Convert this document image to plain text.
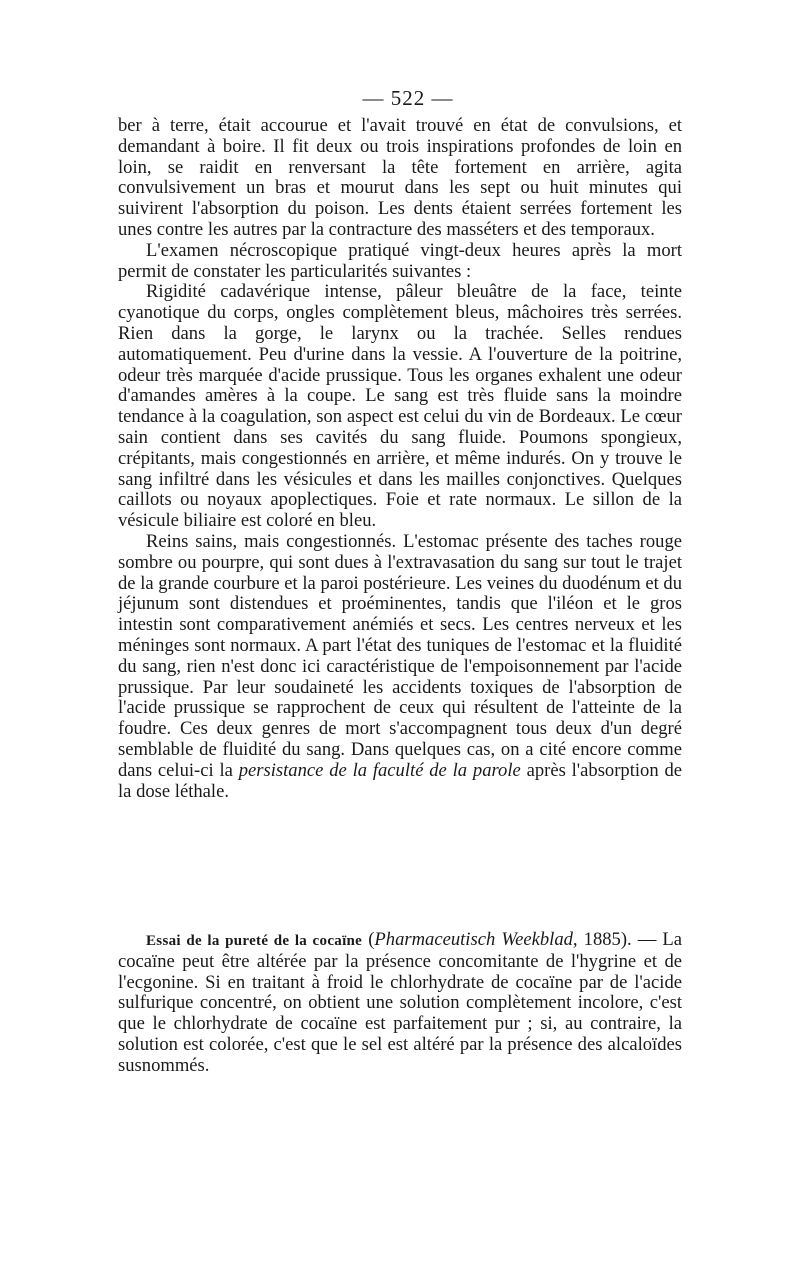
— 522 —

ber à terre, était accourue et l'avait trouvé en état de convulsions, et demandant à boire. Il fit deux ou trois inspirations profondes de loin en loin, se raidit en renversant la tête fortement en arrière, agita convulsivement un bras et mourut dans les sept ou huit minutes qui suivirent l'absorption du poison. Les dents étaient serrées fortement les unes contre les autres par la contracture des masséters et des temporaux.

L'examen nécroscopique pratiqué vingt-deux heures après la mort permit de constater les particularités suivantes :

Rigidité cadavérique intense, pâleur bleuâtre de la face, teinte cyanotique du corps, ongles complètement bleus, mâchoires très serrées. Rien dans la gorge, le larynx ou la trachée. Selles rendues automatiquement. Peu d'urine dans la vessie. A l'ouverture de la poitrine, odeur très marquée d'acide prussique. Tous les organes exhalent une odeur d'amandes amères à la coupe. Le sang est très fluide sans la moindre tendance à la coagulation, son aspect est celui du vin de Bordeaux. Le cœur sain contient dans ses cavités du sang fluide. Poumons spongieux, crépitants, mais congestionnés en arrière, et même indurés. On y trouve le sang infiltré dans les vésicules et dans les mailles conjonctives. Quelques caillots ou noyaux apoplectiques. Foie et rate normaux. Le sillon de la vésicule biliaire est coloré en bleu.

Reins sains, mais congestionnés. L'estomac présente des taches rouge sombre ou pourpre, qui sont dues à l'extravasation du sang sur tout le trajet de la grande courbure et la paroi postérieure. Les veines du duodénum et du jéjunum sont distendues et proéminentes, tandis que l'iléon et le gros intestin sont comparativement anémiés et secs. Les centres nerveux et les méninges sont normaux. A part l'état des tuniques de l'estomac et la fluidité du sang, rien n'est donc ici caractéristique de l'empoisonnement par l'acide prussique. Par leur soudaineté les accidents toxiques de l'absorption de l'acide prussique se rapprochent de ceux qui résultent de l'atteinte de la foudre. Ces deux genres de mort s'accompagnent tous deux d'un degré semblable de fluidité du sang. Dans quelques cas, on a cité encore comme dans celui-ci la persistance de la faculté de la parole après l'absorption de la dose léthale.

Essai de la pureté de la cocaïne (Pharmaceutisch Weekblad, 1885). — La cocaïne peut être altérée par la présence concomitante de l'hygrine et de l'ecgonine. Si en traitant à froid le chlorhydrate de cocaïne par de l'acide sulfurique concentré, on obtient une solution complètement incolore, c'est que le chlorhydrate de cocaïne est parfaitement pur ; si, au contraire, la solution est colorée, c'est que le sel est altéré par la présence des alcaloïdes susnommés.
